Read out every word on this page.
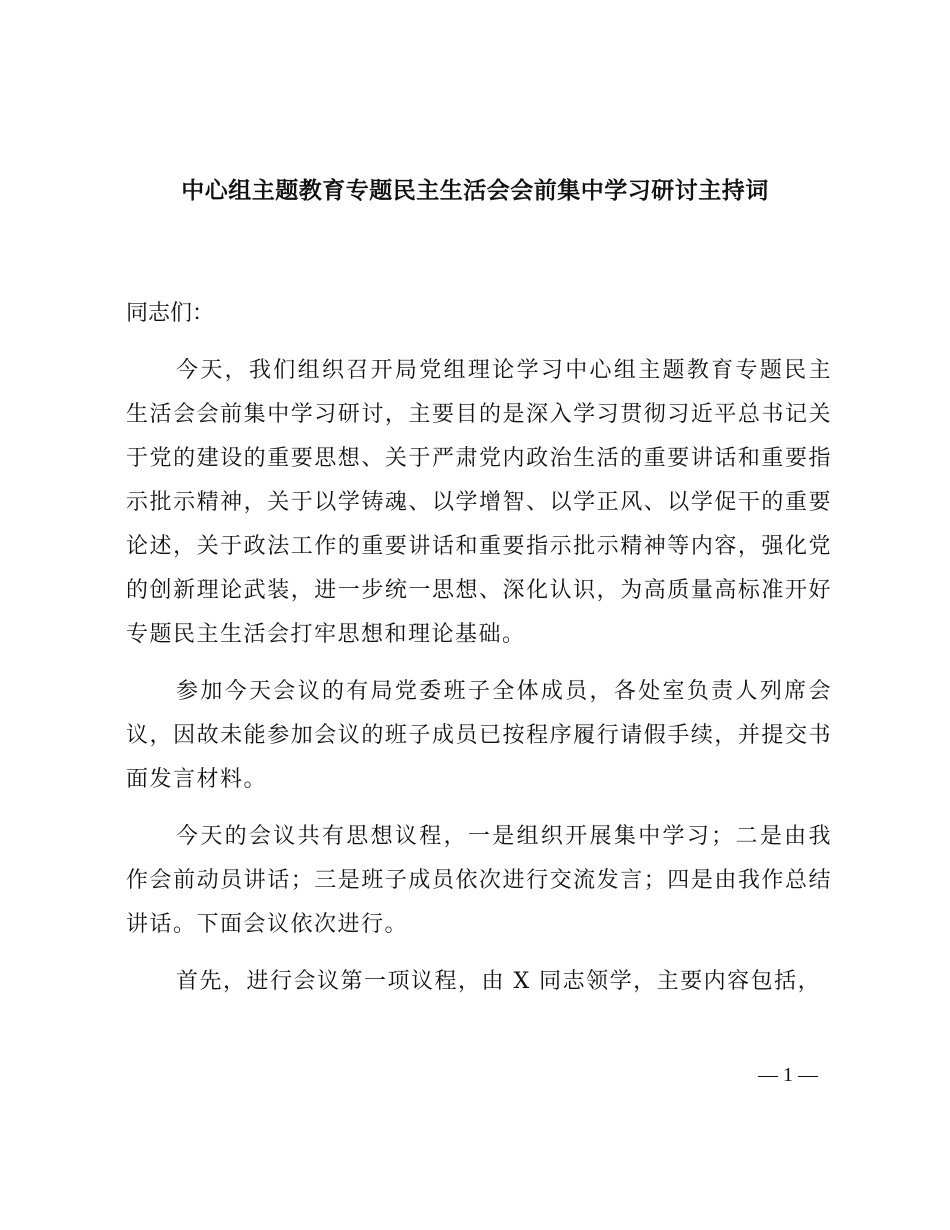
中心组主题教育专题民主生活会会前集中学习研讨主持词

同志们：

今天，我们组织召开局党组理论学习中心组主题教育专题民主生活会会前集中学习研讨，主要目的是深入学习贯彻习近平总书记关于党的建设的重要思想、关于严肃党内政治生活的重要讲话和重要指示批示精神，关于以学铸魂、以学增智、以学正风、以学促干的重要论述，关于政法工作的重要讲话和重要指示批示精神等内容，强化党的创新理论武装，进一步统一思想、深化认识，为高质量高标准开好专题民主生活会打牢思想和理论基础。

参加今天会议的有局党委班子全体成员，各处室负责人列席会议，因故未能参加会议的班子成员已按程序履行请假手续，并提交书面发言材料。

今天的会议共有思想议程，一是组织开展集中学习；二是由我作会前动员讲话；三是班子成员依次进行交流发言；四是由我作总结讲话。下面会议依次进行。

首先，进行会议第一项议程，由 X 同志领学，主要内容包括，

— 1 —
